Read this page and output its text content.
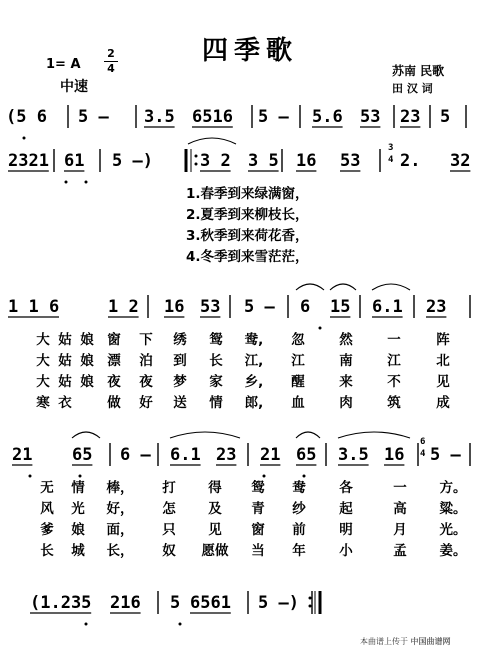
四季歌
1= A
2
4
中速
苏南 民歌
田 汉 词
(5 6 5 — 3.5 6516 5 — 5.6 53 23 5
2321 61 5 —)	3 2 3 5 16 53 2. 32
1 1 6	1 2 16 53 5 — 6 15 6.1 23
21 65 6 — 6.1 23 21 65 3.5 16 5 —
(1.235 216 5 6561 5 —)
3
4
6
4
1.春季到来绿满窗，
2.夏季到来柳枝长，
3.秋季到来荷花香，
4.冬季到来雪茫茫，
大 姑 娘 窗 下 绣 鸳 鸯, 忽	然	一	阵
大 姑 娘 漂 泊 到 长 江, 江	南	江	北
大 姑 娘 夜 夜 梦 家 乡, 醒	来	不	见
寒 衣	做 好 送 情 郎, 血	肉	筑	成
无 情 棒， 打 得 鸳 鸯 各	一 方。
风 光 好， 怎 及 青 纱 起	高 粱。
爹 娘 面， 只 见 窗 前 明	月 光。
长 城 长， 奴 愿做 当 年 小	孟 姜。
本曲谱上传于 中国曲谱网
